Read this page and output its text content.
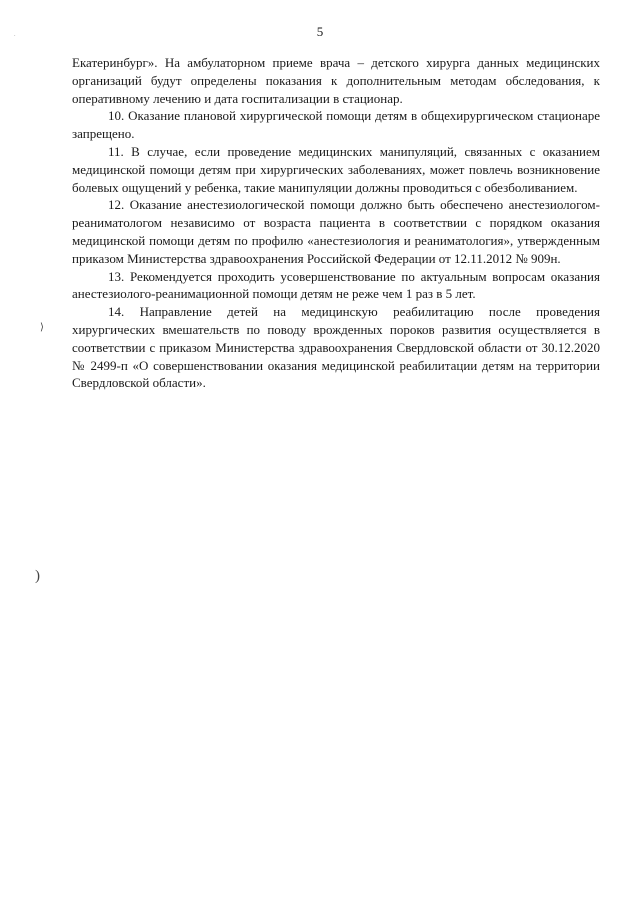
5

Екатеринбург». На амбулаторном приеме врача – детского хирурга данных медицинских организаций будут определены показания к дополнительным методам обследования, к оперативному лечению и дата госпитализации в стационар.

10. Оказание плановой хирургической помощи детям в общехирургическом стационаре запрещено.

11. В случае, если проведение медицинских манипуляций, связанных с оказанием медицинской помощи детям при хирургических заболеваниях, может повлечь возникновение болевых ощущений у ребенка, такие манипуляции должны проводиться с обезболиванием.

12. Оказание анестезиологической помощи должно быть обеспечено анестезиологом-реаниматологом независимо от возраста пациента в соответствии с порядком оказания медицинской помощи детям по профилю «анестезиология и реаниматология», утвержденным приказом Министерства здравоохранения Российской Федерации от 12.11.2012 № 909н.

13. Рекомендуется проходить усовершенствование по актуальным вопросам оказания анестезиолого-реанимационной помощи детям не реже чем 1 раз в 5 лет.

14. Направление детей на медицинскую реабилитацию после проведения хирургических вмешательств по поводу врожденных пороков развития осуществляется в соответствии с приказом Министерства здравоохранения Свердловской области от 30.12.2020 № 2499-п «О совершенствовании оказания медицинской реабилитации детям на территории Свердловской области».

·
⟩
)
